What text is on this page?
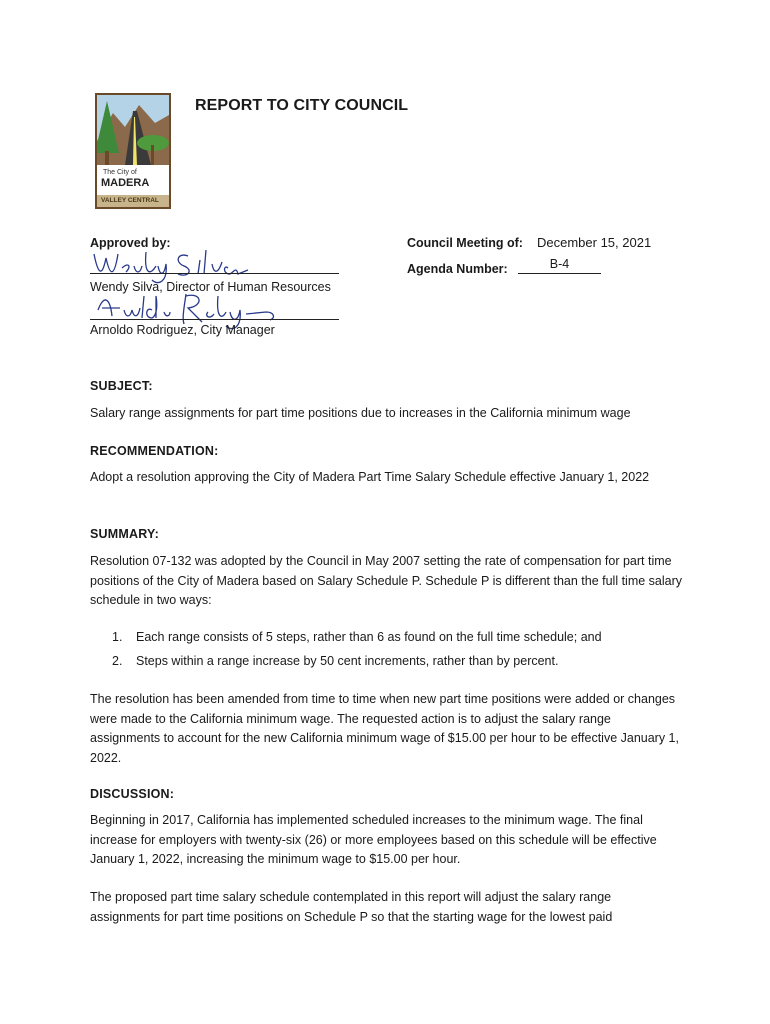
The City of
MADERA
VALLEY CENTRAL
REPORT TO CITY COUNCIL
Approved by:
Wendy Silva, Director of Human Resources
Arnoldo Rodriguez, City Manager
Council Meeting of: December 15, 2021
Agenda Number:	B-4
SUBJECT:
Salary range assignments for part time positions due to increases in the California minimum wage
RECOMMENDATION:
Adopt a resolution approving the City of Madera Part Time Salary Schedule effective January 1, 2022
SUMMARY:
Resolution 07-132 was adopted by the Council in May 2007 setting the rate of compensation for part time positions of the City of Madera based on Salary Schedule P. Schedule P is different than the full time salary schedule in two ways:
1. Each range consists of 5 steps, rather than 6 as found on the full time schedule; and
2. Steps within a range increase by 50 cent increments, rather than by percent.
The resolution has been amended from time to time when new part time positions were added or changes were made to the California minimum wage. The requested action is to adjust the salary range assignments to account for the new California minimum wage of $15.00 per hour to be effective January 1, 2022.
DISCUSSION:
Beginning in 2017, California has implemented scheduled increases to the minimum wage. The final increase for employers with twenty-six (26) or more employees based on this schedule will be effective January 1, 2022, increasing the minimum wage to $15.00 per hour.
The proposed part time salary schedule contemplated in this report will adjust the salary range assignments for part time positions on Schedule P so that the starting wage for the lowest paid
